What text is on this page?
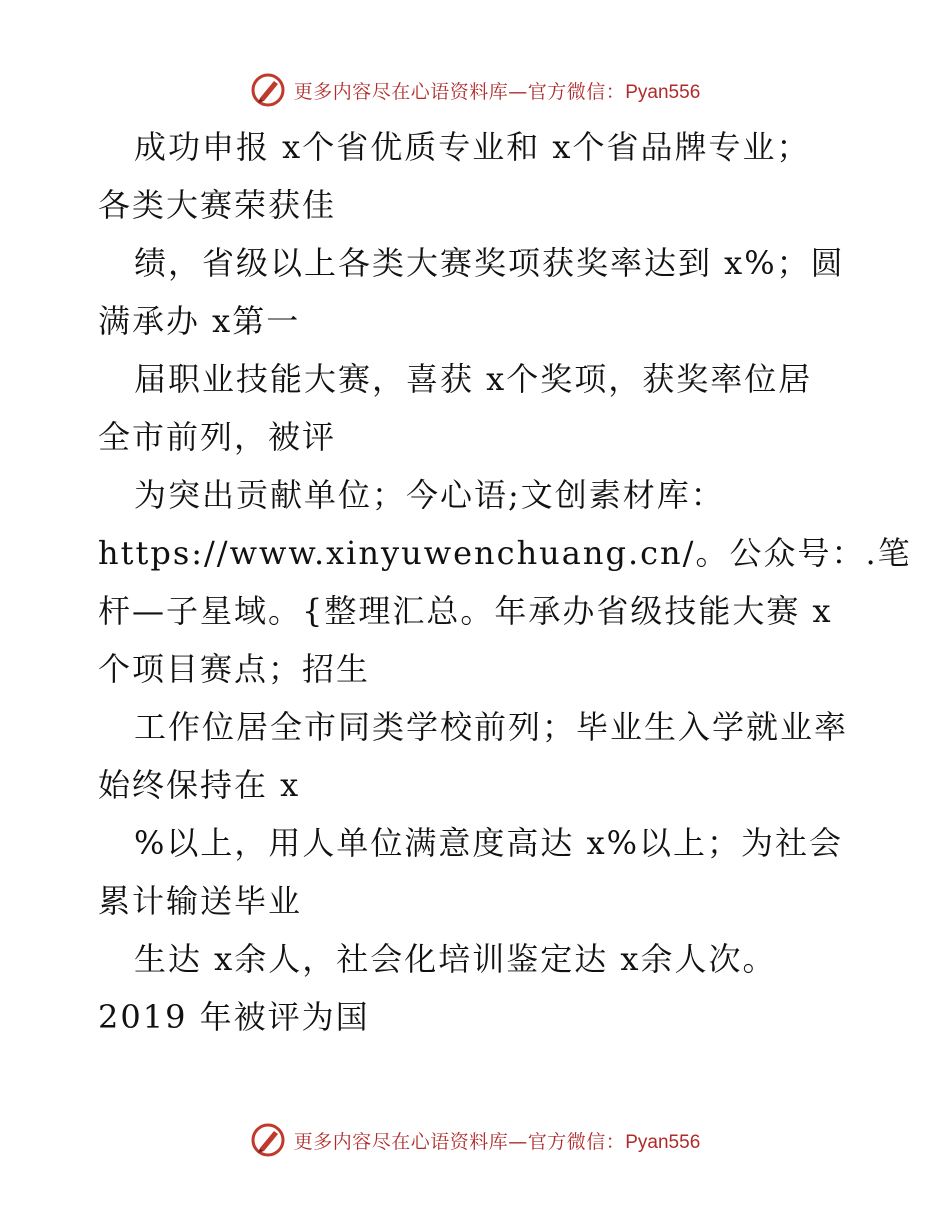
更多内容尽在心语资料库—官方微信：Pyan556
成功申报 x个省优质专业和 x个省品牌专业；
各类大赛荣获佳
绩，省级以上各类大赛奖项获奖率达到 x%；圆
满承办 x第一
届职业技能大赛，喜获 x个奖项，获奖率位居
全市前列，被评
为突出贡献单位；今心语;文创素材库：
https://www.xinyuwenchuang.cn/。公众号：.笔
杆—子星域。{整理汇总。年承办省级技能大赛 x
个项目赛点；招生
工作位居全市同类学校前列；毕业生入学就业率
始终保持在 x
%以上，用人单位满意度高达 x%以上；为社会
累计输送毕业
生达 x余人，社会化培训鉴定达 x余人次。
2019 年被评为国
更多内容尽在心语资料库—官方微信：Pyan556
